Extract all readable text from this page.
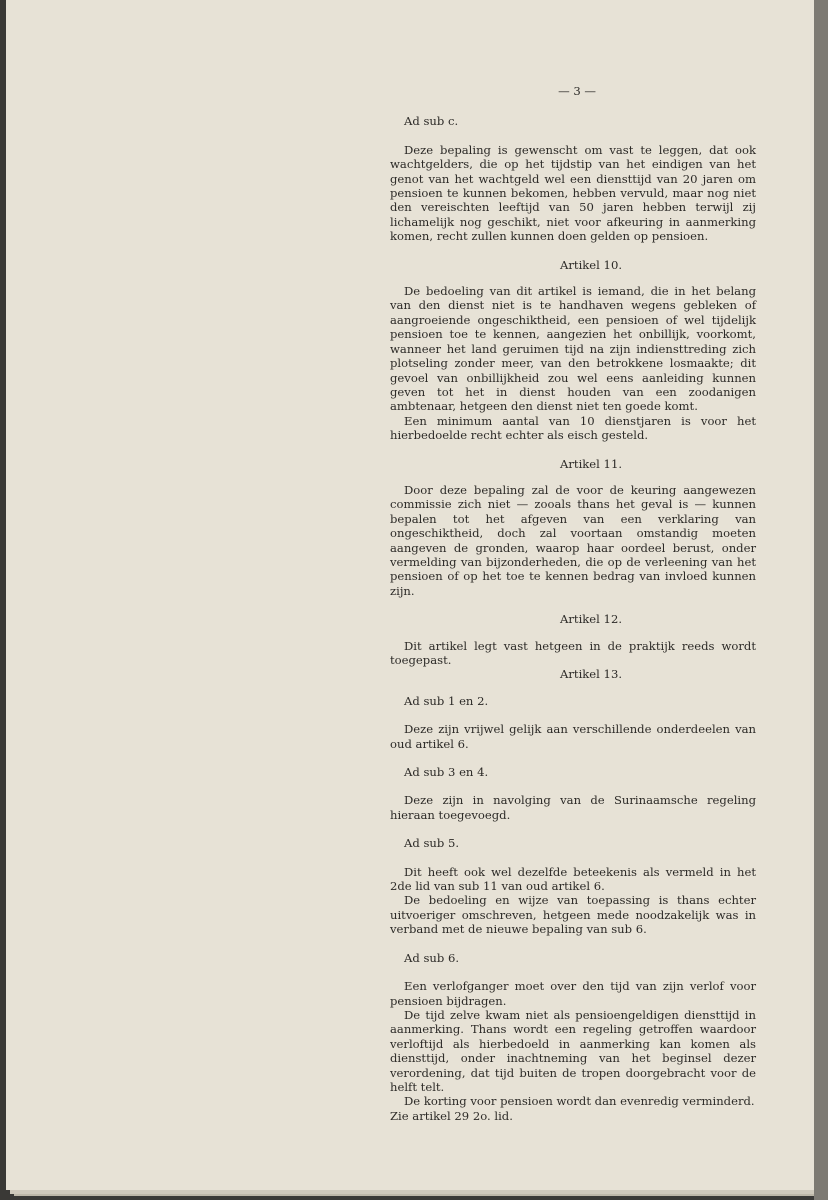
— 3 —
Ad sub c.
Deze bepaling is gewenscht om vast te leggen, dat ook wachtgelders, die op het tijdstip van het eindigen van het genot van het wachtgeld wel een diensttijd van 20 jaren om pensioen te kunnen bekomen, hebben vervuld, maar nog niet den vereischten leeftijd van 50 jaren hebben terwijl zij lichamelijk nog geschikt, niet voor afkeuring in aanmerking komen, recht zullen kunnen doen gelden op pensioen.
Artikel 10.
De bedoeling van dit artikel is iemand, die in het belang van den dienst niet is te handhaven wegens gebleken of aangroeiende ongeschiktheid, een pensioen of wel tijdelijk pensioen toe te kennen, aangezien het onbillijk, voorkomt, wanneer het land geruimen tijd na zijn indiensttreding zich plotseling zonder meer, van den betrokkene losmaakte; dit gevoel van onbillijkheid zou wel eens aanleiding kunnen geven tot het in dienst houden van een zoodanigen ambtenaar, hetgeen den dienst niet ten goede komt.
Een minimum aantal van 10 dienstjaren is voor het hierbedoelde recht echter als eisch gesteld.
Artikel 11.
Door deze bepaling zal de voor de keuring aangewezen commissie zich niet — zooals thans het geval is — kunnen bepalen tot het afgeven van een verklaring van ongeschiktheid, doch zal voortaan omstandig moeten aangeven de gronden, waarop haar oordeel berust, onder vermelding van bijzonderheden, die op de verleening van het pensioen of op het toe te kennen bedrag van invloed kunnen zijn.
Artikel 12.
Dit artikel legt vast hetgeen in de praktijk reeds wordt toegepast.
Artikel 13.
Ad sub 1 en 2.
Deze zijn vrijwel gelijk aan verschillende onderdeelen van oud artikel 6.
Ad sub 3 en 4.
Deze zijn in navolging van de Surinaamsche regeling hieraan toegevoegd.
Ad sub 5.
Dit heeft ook wel dezelfde beteekenis als vermeld in het 2de lid van sub 11 van oud artikel 6.
De bedoeling en wijze van toepassing is thans echter uitvoeriger omschreven, hetgeen mede noodzakelijk was in verband met de nieuwe bepaling van sub 6.
Ad sub 6.
Een verlofganger moet over den tijd van zijn verlof voor pensioen bijdragen.
De tijd zelve kwam niet als pensioengeldigen diensttijd in aanmerking. Thans wordt een regeling getroffen waardoor verloftijd als hierbedoeld in aanmerking kan komen als diensttijd, onder inachtneming van het beginsel dezer verordening, dat tijd buiten de tropen doorgebracht voor de helft telt.
De korting voor pensioen wordt dan evenredig verminderd.
Zie artikel 29 2o. lid.
